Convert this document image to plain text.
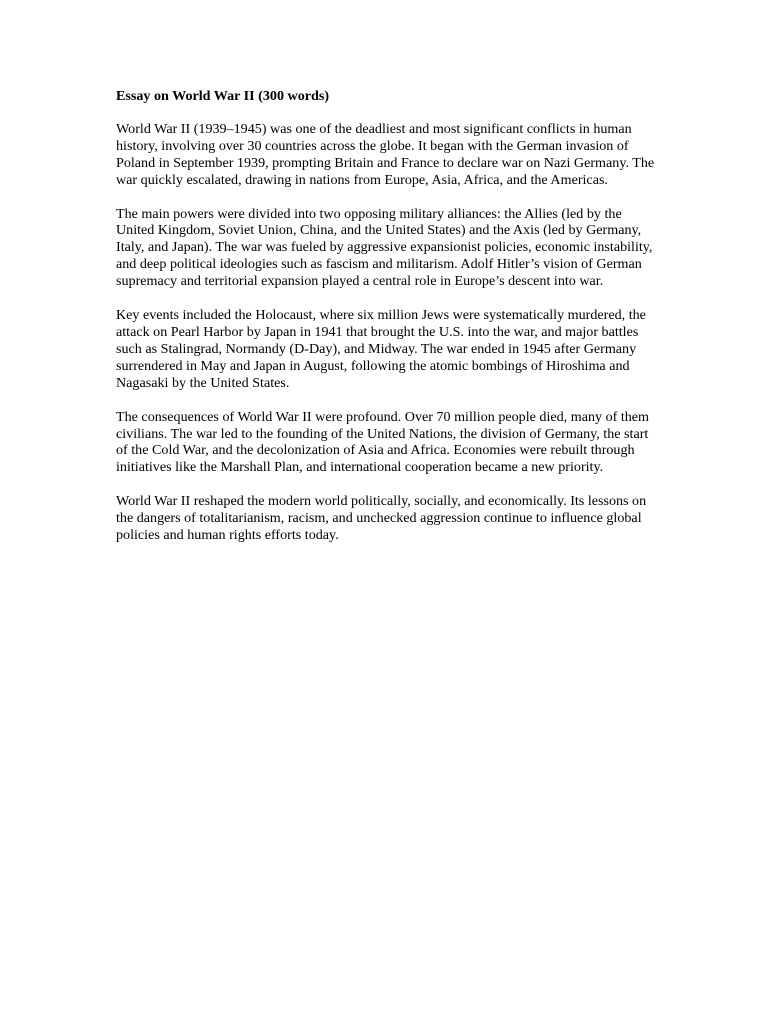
Essay on World War II (300 words)

World War II (1939–1945) was one of the deadliest and most significant conflicts in human history, involving over 30 countries across the globe. It began with the German invasion of Poland in September 1939, prompting Britain and France to declare war on Nazi Germany. The war quickly escalated, drawing in nations from Europe, Asia, Africa, and the Americas.

The main powers were divided into two opposing military alliances: the Allies (led by the United Kingdom, Soviet Union, China, and the United States) and the Axis (led by Germany, Italy, and Japan). The war was fueled by aggressive expansionist policies, economic instability, and deep political ideologies such as fascism and militarism. Adolf Hitler’s vision of German supremacy and territorial expansion played a central role in Europe’s descent into war.

Key events included the Holocaust, where six million Jews were systematically murdered, the attack on Pearl Harbor by Japan in 1941 that brought the U.S. into the war, and major battles such as Stalingrad, Normandy (D-Day), and Midway. The war ended in 1945 after Germany surrendered in May and Japan in August, following the atomic bombings of Hiroshima and Nagasaki by the United States.

The consequences of World War II were profound. Over 70 million people died, many of them civilians. The war led to the founding of the United Nations, the division of Germany, the start of the Cold War, and the decolonization of Asia and Africa. Economies were rebuilt through initiatives like the Marshall Plan, and international cooperation became a new priority.

World War II reshaped the modern world politically, socially, and economically. Its lessons on the dangers of totalitarianism, racism, and unchecked aggression continue to influence global policies and human rights efforts today.
